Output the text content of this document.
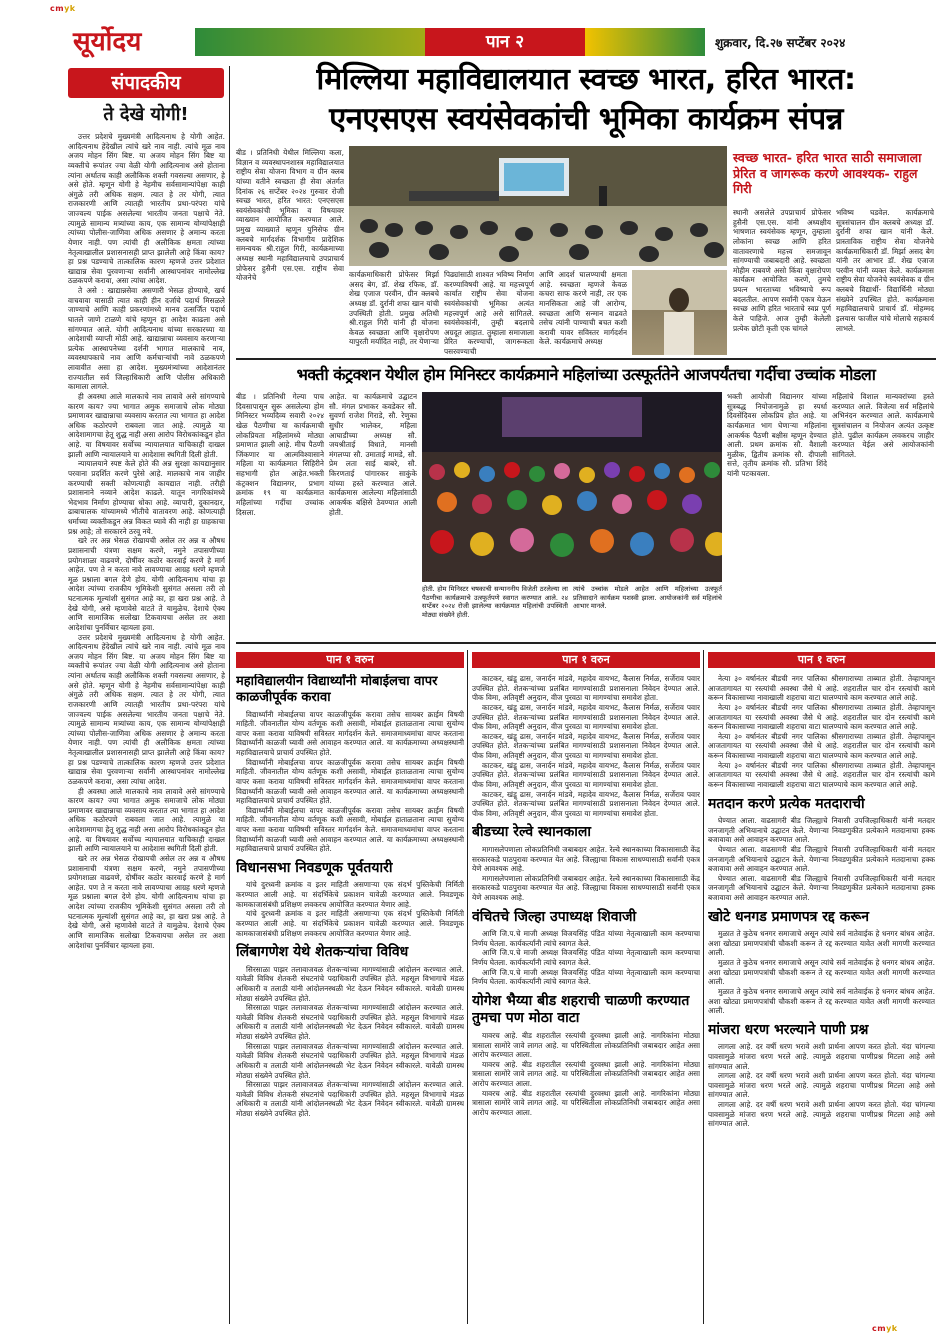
cmyk
सूर्योदय	पान २	शुक्रवार, दि.२७ सप्टेंबर २०२४
संपादकीय
ते देखे योगी!

उत्तर प्रदेशचे मुख्यमंत्री आदित्यनाथ हे योगी आहेत. आदित्यनाथ हेंदेखील त्यांचे खरे नाव नाही. त्यांचे मूळ नाव अजय मोहन सिंग बिष्ट. या अजय मोहन सिंग बिष्ट या व्यक्तीचे रूपांतर ज्या वेळी योगी आदित्यनाथ असे होताना त्यांना अर्थातच काही अलौकिक शक्ती गवसल्या असणार, हे असे होते. म्हणून योगी हे नेहमीच सर्वसामान्यांपेक्षा काही अंगुळे तरी अधिक सक्षम. त्यात हे तर योगी, त्यात राजकारणी आणि त्यातही भारतीय प्रथा-परंपरा यांचे जाज्वल्य पाईक असलेल्या भारतीय जनता पक्षाचे नेते. त्यामुळे सामान्य मत्र्यांच्या काय, एक सामान्य योग्यांपेक्षाही त्यांच्या पोलीस-जाणिवा अधिक असणार हे अमान्य करता येणार नाही. पण त्यांची ही अलौकिक क्षमता त्यांच्या नेतृत्वाखालील प्रशासनासही प्राप्त झालेली आहे किंवा काय? हा प्रश्न पडण्याचे तात्कालिक कारण म्हणजे उत्तर प्रदेशात खाद्यान्न सेवा पुरवणाऱ्या सर्वांनी आस्थापनांवर नामोल्लेख ठळकपणे करावा, असा त्यांचा आदेश.

ते असे : खाद्यान्नसेवा असणारी भेसळ होण्याचे, खर्च वाचवावा यासाठी त्यात काही हीन दर्जाचे पदार्थ मिसळले जाण्याचे आणि काही प्रकरणांमध्ये मानव उत्सर्जित पदार्थ घातले जाणे टाळणे यांचे म्हणून हा आदेश काढला असे सांगण्यात आले. योगी आदित्यनाथ यांच्या सरकारच्या या आदेशाची व्याप्ती मोठी आहे. खाद्यान्नाचा व्यवसाय करणाऱ्या प्रत्येक आस्थापनेच्या दर्शनी भागात मालकाचे नाव, व्यवस्थापकाचे नाव आणि कर्मचाऱ्यांची नावे ठळकपणे लावावीत असा हा आदेश. मुख्यमंत्र्यांच्या आदेशानंतर राज्यातील सर्व जिल्हाधिकारी आणि पोलीस अधिकारी कामाला लागले.

ही अवस्था आले मालकाचे नाव लावावे असे सांगण्याचे कारण काय? ज्या भागात अमुक समाजाचे लोक मोठ्या प्रमाणावर खाद्यान्नाचा व्यवसाय करतात त्या भागात हा आदेश अधिक कठोरपणे राबवला जात आहे. त्यामुळे या आदेशामागचा हेतू शुद्ध नाही असा आरोप विरोधकांकडून होत आहे. या विषयावर सर्वोच्च न्यायालयात याचिकाही दाखल झाली आणि न्यायालयाने या आदेशास स्थगिती दिली होती.

न्यायालयाने स्पष्ट केले होते की अन्न सुरक्षा कायद्यानुसार परवाना प्रदर्शित करणे पुरेसे आहे. मालकाचे नाव जाहीर करण्याची सक्ती कोणत्याही कायद्यात नाही. तरीही प्रशासनाने नव्याने आदेश काढले. यातून नागरिकांमध्ये भेदभाव निर्माण होण्याचा धोका आहे. व्यापारी, दुकानदार, ढाबाचालक यांच्यामध्ये भीतीचे वातावरण आहे. कोणत्याही धर्माच्या व्यक्तीकडून अन्न विकत घ्यावे की नाही हा ग्राहकाचा प्रश्न आहे; तो सरकारने ठरवू नये.

खरे तर अन्न भेसळ रोखायची असेल तर अन्न व औषध प्रशासनाची यंत्रणा सक्षम करणे, नमुने तपासणीच्या प्रयोगशाळा वाढवणे, दोषींवर कठोर कारवाई करणे हे मार्ग आहेत. पण ते न करता नावे लावण्याचा आग्रह धरणे म्हणजे मूळ प्रश्नाला बगल देणे होय. योगी आदित्यनाथ यांचा हा आदेश त्यांच्या राजकीय भूमिकेशी सुसंगत असला तरी तो घटनात्मक मूल्यांशी सुसंगत आहे का, हा खरा प्रश्न आहे. ते देखे योगी, असे म्हणावेसे वाटते ते यामुळेच. देशाचे ऐक्य आणि सामाजिक सलोखा टिकवायचा असेल तर अशा आदेशांचा पुनर्विचार व्हायला हवा.

उत्तर प्रदेशचे मुख्यमंत्री आदित्यनाथ हे योगी आहेत. आदित्यनाथ हेंदेखील त्यांचे खरे नाव नाही. त्यांचे मूळ नाव अजय मोहन सिंग बिष्ट. या अजय मोहन सिंग बिष्ट या व्यक्तीचे रूपांतर ज्या वेळी योगी आदित्यनाथ असे होताना त्यांना अर्थातच काही अलौकिक शक्ती गवसल्या असणार, हे असे होते. म्हणून योगी हे नेहमीच सर्वसामान्यांपेक्षा काही अंगुळे तरी अधिक सक्षम. त्यात हे तर योगी, त्यात राजकारणी आणि त्यातही भारतीय प्रथा-परंपरा यांचे जाज्वल्य पाईक असलेल्या भारतीय जनता पक्षाचे नेते. त्यामुळे सामान्य मत्र्यांच्या काय, एक सामान्य योग्यांपेक्षाही त्यांच्या पोलीस-जाणिवा अधिक असणार हे अमान्य करता येणार नाही. पण त्यांची ही अलौकिक क्षमता त्यांच्या नेतृत्वाखालील प्रशासनासही प्राप्त झालेली आहे किंवा काय? हा प्रश्न पडण्याचे तात्कालिक कारण म्हणजे उत्तर प्रदेशात खाद्यान्न सेवा पुरवणाऱ्या सर्वांनी आस्थापनांवर नामोल्लेख ठळकपणे करावा, असा त्यांचा आदेश.

ही अवस्था आले मालकाचे नाव लावावे असे सांगण्याचे कारण काय? ज्या भागात अमुक समाजाचे लोक मोठ्या प्रमाणावर खाद्यान्नाचा व्यवसाय करतात त्या भागात हा आदेश अधिक कठोरपणे राबवला जात आहे. त्यामुळे या आदेशामागचा हेतू शुद्ध नाही असा आरोप विरोधकांकडून होत आहे. या विषयावर सर्वोच्च न्यायालयात याचिकाही दाखल झाली आणि न्यायालयाने या आदेशास स्थगिती दिली होती.

खरे तर अन्न भेसळ रोखायची असेल तर अन्न व औषध प्रशासनाची यंत्रणा सक्षम करणे, नमुने तपासणीच्या प्रयोगशाळा वाढवणे, दोषींवर कठोर कारवाई करणे हे मार्ग आहेत. पण ते न करता नावे लावण्याचा आग्रह धरणे म्हणजे मूळ प्रश्नाला बगल देणे होय. योगी आदित्यनाथ यांचा हा आदेश त्यांच्या राजकीय भूमिकेशी सुसंगत असला तरी तो घटनात्मक मूल्यांशी सुसंगत आहे का, हा खरा प्रश्न आहे. ते देखे योगी, असे म्हणावेसे वाटते ते यामुळेच. देशाचे ऐक्य आणि सामाजिक सलोखा टिकवायचा असेल तर अशा आदेशांचा पुनर्विचार व्हायला हवा.

मिल्लिया महाविद्यालयात स्वच्छ भारत, हरित भारत:
एनएसएस स्वयंसेवकांची भूमिका कार्यक्रम संपन्न
बीड । प्रतिनिधी येथील मिल्लिया कला, विज्ञान व व्यवस्थापनशास्त्र महाविद्यालयात राष्ट्रीय सेवा योजना विभाग व ग्रीन क्लब यांच्या वतीने स्वच्छता ही सेवा अंतर्गत दिनांक २६ सप्टेंबर २०२४ गुरुवार रोजी स्वच्छ भारत, हरित भारत: एनएसएस स्वयंसेवकांची भूमिका व विषयावर व्याख्यान आयोजित करण्यात आले. प्रमुख व्याख्याते म्हणून युनिसेफ ग्रीन क्लबचे मार्गदर्शक विभागीय प्रादेशिक समन्वयक श्री.राहुल गिरी, कार्यक्रमाच्या अध्यक्ष स्थानी महाविद्यालयाचे उपप्राचार्य प्रोफेसर हुसैनी एस.एस. राष्ट्रीय सेवा योजनेचे	कार्यक्रमाधिकारी प्रोफेसर मिर्झा असद बेग, डॉ. शेख रफिक, डॉ. शेख एजाज परवीन, ग्रीन क्लबचे अध्यक्ष डॉ. दुर्रानी शफा खान यांची उपस्थिती होती. प्रमुख अतिथी श्री.राहुल गिरी यांनी ही योजना केवळ स्वच्छता आणि वृक्षारोपण यापुरती मर्यादित नाही, तर येणाऱ्या
पिढ्यांसाठी शाश्वत भविष्य निर्माण करण्याविषयी आहे. या महत्त्वपूर्ण कार्यात राष्ट्रीय सेवा योजना स्वयंसेवकांची भूमिका अत्यंत महत्त्वपूर्ण आहे असे सांगितले. स्वयंसेवकांनी, तुम्ही बदलाचे अग्रदूत आहात. तुम्हाला समाजाला प्रेरित करण्याची, जागरूकता पसरवण्याची
आणि आदर्श घालण्याची क्षमता आहे. स्वच्छता म्हणजे केवळ कचरा साफ करणे नाही, तर एक मानसिकता आहे जी आरोग्य, स्वच्छता आणि सन्मान वाढवते तसेच त्यांनी पाण्याची बचत कशी करावी यावर सविस्तर मार्गदर्शन केले. कार्यक्रमाचे अध्यक्ष
स्वच्छ भारत- हरित भारत साठी समाजाला प्रेरित व जागरूक करणे आवश्यक- राहुल गिरी
स्थानी असलेले उपप्राचार्य प्रोफेसर हुसैनी एस.एस. यांनी अध्यक्षीय भाषणात स्वयंसेवक म्हणून, तुम्हाला लोकांना स्वच्छ आणि हरित वातावरणाचे महत्त्व समजावून सांगण्याची जबाबदारी आहे. स्वच्छता मोहीम राबवणे असो किंवा वृक्षारोपण कार्यक्रम आयोजित करणे, तुमचे प्रयत्न भारताच्या भविष्याचे रूप बदलतील. आपण सर्वांनी एकत्र येऊन स्वच्छ आणि हरित भारताचे स्वप्न पूर्ण केले पाहिजे. आज तुम्ही केलेली प्रत्येक छोटी कृती एक चांगले
भविष्य घडवेल. कार्यक्रमाचे सूत्रसंचालन ग्रीन क्लबचे अध्यक्ष डॉ. दुर्रानी शफा खान यांनी केले. प्रास्ताविक राष्ट्रीय सेवा योजनेचे कार्यक्रमाधिकारी डॉ. मिर्झा असद बेग यांनी तर आभार डॉ. शेख एजाज परवीन यांनी व्यक्त केले. कार्यक्रमास राष्ट्रीय सेवा योजनेचे स्वयंसेवक व ग्रीन क्लबचे विद्यार्थी- विद्यार्थिनी मोठ्या संख्येने उपस्थित होते. कार्यक्रमास महाविद्यालयाचे प्राचार्य डॉ. मोहम्मद इलयास फाजील यांचे मोलाचे सहकार्य लाभले.
भक्ती कंट्रक्शन येथील होम मिनिस्टर कार्यक्रमाने महिलांच्या उत्स्फूर्ततेने आजपर्यंतचा गर्दीचा उच्चांक मोडला
बीड । प्रतिनिधी गेल्या पाच दिवसापासून सुरू असलेल्या होम मिनिस्टर भव्यदिव्य सवारी २०२४ खेळ पैठणीचा या कार्यक्रमाची लोकप्रियता महिलांमध्ये मोठ्या प्रमाणात झाली आहे. मीच पैठणी जिंकणार या आत्मविश्वासाने महिला या कार्यक्रमात सिहिरीने सहभागी होत आहेत.भक्ती कंट्रक्शन विद्यानगर, प्रभाग क्रमांक १९ या कार्यक्रमात महिलांच्या गर्दीचा उच्चांक दिसला.
आहेत. या कार्यक्रमाचे उद्घाटन सौ. मंगल प्रभाकर कवडेकर सौ. सुवर्णा राजेश गिराडे, सौ. रेणुका सुधीर भालेकर, महिला आघाडीच्या अध्यक्ष सौ. जयश्रीताई विधाते, मानसी मंगलप्पा सौ. उमाताई मामडे, सौ. प्रेम लता साई बाबरे, सौ. किरणताई पांगारकर साकुंके यांच्या हस्ते करण्यात आले. कार्यक्रमास आलेल्या महिलांसाठी आकर्षक बक्षिसे ठेवण्यात आली होती.
होती. होम मिनिस्टर चषकाची सन्माननीय विजेती ठरलेल्या ला पैठणीचा कार्यक्रमाचे उत्स्फूर्तपणे स्वागत करण्यात आले. २४ सप्टेंबर २०२४ रोजी झालेल्या कार्यक्रमात महिलांची उपस्थिती मोठ्या संख्येने होती.
त्यांचे उच्चांक मोडले आहेत आणि महिलांच्या उत्स्फूर्त प्रतिसादाने कार्यक्रम यशस्वी झाला. आयोजकांनी सर्व महिलांचे आभार मानले.
भक्ती आयोजी विद्यानगर यांच्या सूत्रबद्ध नियोजनामुळे हा स्पर्धा दिवसेंदिवस लोकप्रिय होत आहे. या कार्यक्रमात भाग घेणाऱ्या महिलांना आकर्षक पैठणी बक्षीस म्हणून देण्यात आली. प्रथम क्रमांक सौ. वैशाली मुळीक, द्वितीय क्रमांक सौ. दीपाली सत्ते, तृतीय क्रमांक सौ. प्रतिभा शिंदे यांनी पटकावला.
महिलांचे विशाल मान्यवरांच्या हस्ते करण्यात आले. विजेत्या सर्व महिलांचे अभिनंदन करण्यात आले. कार्यक्रमाचे सूत्रसंचालन व नियोजन अत्यंत उत्कृष्ट होते. पुढील कार्यक्रम लवकरच जाहीर करण्यात येईल असे आयोजकांनी सांगितले.
पान १ वरुन	पान १ वरुन	पान १ वरुन
महाविद्यालयीन विद्यार्थ्यांनी मोबाईलचा वापर काळजीपूर्वक करावा

विद्यार्थ्यांनी मोबाईलचा वापर काळजीपूर्वक करावा तसेच सायबर क्राईम विषयी माहिती. जीवनातील योग्य वर्तणूक कशी असावी, मोबाईल हाताळताना त्याचा सुयोग्य वापर कसा करावा याविषयी सविस्तर मार्गदर्शन केले. समाजमाध्यमांचा वापर करताना विद्यार्थ्यांनी काळजी घ्यावी असे आवाहन करण्यात आले. या कार्यक्रमाच्या अध्यक्षस्थानी महाविद्यालयाचे प्राचार्य उपस्थित होते.

विद्यार्थ्यांनी मोबाईलचा वापर काळजीपूर्वक करावा तसेच सायबर क्राईम विषयी माहिती. जीवनातील योग्य वर्तणूक कशी असावी, मोबाईल हाताळताना त्याचा सुयोग्य वापर कसा करावा याविषयी सविस्तर मार्गदर्शन केले. समाजमाध्यमांचा वापर करताना विद्यार्थ्यांनी काळजी घ्यावी असे आवाहन करण्यात आले. या कार्यक्रमाच्या अध्यक्षस्थानी महाविद्यालयाचे प्राचार्य उपस्थित होते.

विद्यार्थ्यांनी मोबाईलचा वापर काळजीपूर्वक करावा तसेच सायबर क्राईम विषयी माहिती. जीवनातील योग्य वर्तणूक कशी असावी, मोबाईल हाताळताना त्याचा सुयोग्य वापर कसा करावा याविषयी सविस्तर मार्गदर्शन केले. समाजमाध्यमांचा वापर करताना विद्यार्थ्यांनी काळजी घ्यावी असे आवाहन करण्यात आले. या कार्यक्रमाच्या अध्यक्षस्थानी महाविद्यालयाचे प्राचार्य उपस्थित होते.

विधानसभा निवडणूक पूर्वतयारी

यांचे दुरध्वनी क्रमांक व इतर माहिती असणार्‍या एक संदर्भ पुस्तिकेची निर्मिती करण्यात आली आहे. या संदर्भिकेचे प्रकाशन यावेळी करण्यात आले. निवडणूक कामकाजासंबंधी प्रशिक्षण लवकरच आयोजित करण्यात येणार आहे.

यांचे दुरध्वनी क्रमांक व इतर माहिती असणार्‍या एक संदर्भ पुस्तिकेची निर्मिती करण्यात आली आहे. या संदर्भिकेचे प्रकाशन यावेळी करण्यात आले. निवडणूक कामकाजासंबंधी प्रशिक्षण लवकरच आयोजित करण्यात येणार आहे.

लिंबागणेश येथे शेतकऱ्यांचा विविध

सिरसाळा पाझर तलावाजवळ शेतकऱ्यांच्या मागण्यांसाठी आंदोलन करण्यात आले. यावेळी विविध शेतकरी संघटनांचे पदाधिकारी उपस्थित होते. महसूल विभागाचे मंडळ अधिकारी व तलाठी यांनी आंदोलनस्थळी भेट देऊन निवेदन स्वीकारले. यावेळी ग्रामस्थ मोठ्या संख्येने उपस्थित होते.

सिरसाळा पाझर तलावाजवळ शेतकऱ्यांच्या मागण्यांसाठी आंदोलन करण्यात आले. यावेळी विविध शेतकरी संघटनांचे पदाधिकारी उपस्थित होते. महसूल विभागाचे मंडळ अधिकारी व तलाठी यांनी आंदोलनस्थळी भेट देऊन निवेदन स्वीकारले. यावेळी ग्रामस्थ मोठ्या संख्येने उपस्थित होते.

सिरसाळा पाझर तलावाजवळ शेतकऱ्यांच्या मागण्यांसाठी आंदोलन करण्यात आले. यावेळी विविध शेतकरी संघटनांचे पदाधिकारी उपस्थित होते. महसूल विभागाचे मंडळ अधिकारी व तलाठी यांनी आंदोलनस्थळी भेट देऊन निवेदन स्वीकारले. यावेळी ग्रामस्थ मोठ्या संख्येने उपस्थित होते.

सिरसाळा पाझर तलावाजवळ शेतकऱ्यांच्या मागण्यांसाठी आंदोलन करण्यात आले. यावेळी विविध शेतकरी संघटनांचे पदाधिकारी उपस्थित होते. महसूल विभागाचे मंडळ अधिकारी व तलाठी यांनी आंदोलनस्थळी भेट देऊन निवेदन स्वीकारले. यावेळी ग्रामस्थ मोठ्या संख्येने उपस्थित होते.

काटकर, खंडू ढास, जनार्दन मांडवे, महादेव वायभट, कैलास निर्मळ, सर्जेराव पवार उपस्थित होते. शेतकऱ्यांच्या प्रलंबित मागण्यांसाठी प्रशासनाला निवेदन देण्यात आले. पीक विमा, अतिवृष्टी अनुदान, वीज पुरवठा या मागण्यांचा समावेश होता.

काटकर, खंडू ढास, जनार्दन मांडवे, महादेव वायभट, कैलास निर्मळ, सर्जेराव पवार उपस्थित होते. शेतकऱ्यांच्या प्रलंबित मागण्यांसाठी प्रशासनाला निवेदन देण्यात आले. पीक विमा, अतिवृष्टी अनुदान, वीज पुरवठा या मागण्यांचा समावेश होता.

काटकर, खंडू ढास, जनार्दन मांडवे, महादेव वायभट, कैलास निर्मळ, सर्जेराव पवार उपस्थित होते. शेतकऱ्यांच्या प्रलंबित मागण्यांसाठी प्रशासनाला निवेदन देण्यात आले. पीक विमा, अतिवृष्टी अनुदान, वीज पुरवठा या मागण्यांचा समावेश होता.

काटकर, खंडू ढास, जनार्दन मांडवे, महादेव वायभट, कैलास निर्मळ, सर्जेराव पवार उपस्थित होते. शेतकऱ्यांच्या प्रलंबित मागण्यांसाठी प्रशासनाला निवेदन देण्यात आले. पीक विमा, अतिवृष्टी अनुदान, वीज पुरवठा या मागण्यांचा समावेश होता.

काटकर, खंडू ढास, जनार्दन मांडवे, महादेव वायभट, कैलास निर्मळ, सर्जेराव पवार उपस्थित होते. शेतकऱ्यांच्या प्रलंबित मागण्यांसाठी प्रशासनाला निवेदन देण्यात आले. पीक विमा, अतिवृष्टी अनुदान, वीज पुरवठा या मागण्यांचा समावेश होता.

बीडच्या रेल्वे स्थानकाला

मागासलेपणाला लोकप्रतिनिधी जबाबदार आहेत. रेल्वे स्थानकाच्या विकासासाठी केंद्र सरकारकडे पाठपुरावा करण्यात येत आहे. जिल्ह्याचा विकास साधण्यासाठी सर्वांनी एकत्र येणे आवश्यक आहे.

मागासलेपणाला लोकप्रतिनिधी जबाबदार आहेत. रेल्वे स्थानकाच्या विकासासाठी केंद्र सरकारकडे पाठपुरावा करण्यात येत आहे. जिल्ह्याचा विकास साधण्यासाठी सर्वांनी एकत्र येणे आवश्यक आहे.

वंचितचे जिल्हा उपाध्यक्ष शिवाजी

आणि जि.प.चे माजी अध्यक्ष विजयसिंह पंडित यांच्या नेतृत्वाखाली काम करण्याचा निर्णय घेतला. कार्यकर्त्यांनी त्यांचे स्वागत केले.

आणि जि.प.चे माजी अध्यक्ष विजयसिंह पंडित यांच्या नेतृत्वाखाली काम करण्याचा निर्णय घेतला. कार्यकर्त्यांनी त्यांचे स्वागत केले.

आणि जि.प.चे माजी अध्यक्ष विजयसिंह पंडित यांच्या नेतृत्वाखाली काम करण्याचा निर्णय घेतला. कार्यकर्त्यांनी त्यांचे स्वागत केले.

योगेश भैय्या बीड शहराची चाळणी करण्यात तुमचा पण मोठा वाटा

यावरच आहे. बीड शहरातील रस्त्यांची दुरवस्था झाली आहे. नागरिकांना मोठ्या त्रासाला सामोरे जावे लागत आहे. या परिस्थितीला लोकप्रतिनिधी जबाबदार आहेत असा आरोप करण्यात आला.

यावरच आहे. बीड शहरातील रस्त्यांची दुरवस्था झाली आहे. नागरिकांना मोठ्या त्रासाला सामोरे जावे लागत आहे. या परिस्थितीला लोकप्रतिनिधी जबाबदार आहेत असा आरोप करण्यात आला.

यावरच आहे. बीड शहरातील रस्त्यांची दुरवस्था झाली आहे. नागरिकांना मोठ्या त्रासाला सामोरे जावे लागत आहे. या परिस्थितीला लोकप्रतिनिधी जबाबदार आहेत असा आरोप करण्यात आला.

नेत्या ३० वर्षानंतर बीडची नगर पालिका श्रीसगाराच्या ताब्यात होती. तेव्हापासून आजतागायत या रस्त्यांची अवस्था जैसे थे आहे. शहरातील चार दोन रस्त्यांची कामे करून विकासाच्या नावाखाली शहराचा वाटा घालण्याचे काम करण्यात आले आहे.

नेत्या ३० वर्षानंतर बीडची नगर पालिका श्रीसगाराच्या ताब्यात होती. तेव्हापासून आजतागायत या रस्त्यांची अवस्था जैसे थे आहे. शहरातील चार दोन रस्त्यांची कामे करून विकासाच्या नावाखाली शहराचा वाटा घालण्याचे काम करण्यात आले आहे.

नेत्या ३० वर्षानंतर बीडची नगर पालिका श्रीसगाराच्या ताब्यात होती. तेव्हापासून आजतागायत या रस्त्यांची अवस्था जैसे थे आहे. शहरातील चार दोन रस्त्यांची कामे करून विकासाच्या नावाखाली शहराचा वाटा घालण्याचे काम करण्यात आले आहे.

नेत्या ३० वर्षानंतर बीडची नगर पालिका श्रीसगाराच्या ताब्यात होती. तेव्हापासून आजतागायत या रस्त्यांची अवस्था जैसे थे आहे. शहरातील चार दोन रस्त्यांची कामे करून विकासाच्या नावाखाली शहराचा वाटा घालण्याचे काम करण्यात आले आहे.

मतदान करणे प्रत्येक मतदाराची

घेण्यात आला. वाढसागरी बीड जिल्ह्याचे निवासी उपजिल्हाधिकारी यांनी मतदार जनजागृती अभियानाचे उद्घाटन केले. येणाऱ्या निवडणुकीत प्रत्येकाने मतदानाचा हक्क बजावावा असे आवाहन करण्यात आले.

घेण्यात आला. वाढसागरी बीड जिल्ह्याचे निवासी उपजिल्हाधिकारी यांनी मतदार जनजागृती अभियानाचे उद्घाटन केले. येणाऱ्या निवडणुकीत प्रत्येकाने मतदानाचा हक्क बजावावा असे आवाहन करण्यात आले.

घेण्यात आला. वाढसागरी बीड जिल्ह्याचे निवासी उपजिल्हाधिकारी यांनी मतदार जनजागृती अभियानाचे उद्घाटन केले. येणाऱ्या निवडणुकीत प्रत्येकाने मतदानाचा हक्क बजावावा असे आवाहन करण्यात आले.

खोटे धनगड प्रमाणपत्र रद्द करून

मुळात ते कुठेच धनगर समाजाचे असून त्यांचे सर्व नातेवाईक हे धनगर बांधव आहेत. अशा खोट्या प्रमाणपत्रांची चौकशी करून ते रद्द करण्यात यावेत अशी मागणी करण्यात आली.

मुळात ते कुठेच धनगर समाजाचे असून त्यांचे सर्व नातेवाईक हे धनगर बांधव आहेत. अशा खोट्या प्रमाणपत्रांची चौकशी करून ते रद्द करण्यात यावेत अशी मागणी करण्यात आली.

मुळात ते कुठेच धनगर समाजाचे असून त्यांचे सर्व नातेवाईक हे धनगर बांधव आहेत. अशा खोट्या प्रमाणपत्रांची चौकशी करून ते रद्द करण्यात यावेत अशी मागणी करण्यात आली.

मांजरा धरण भरल्याने पाणी प्रश्न

लागला आहे. दर वर्षी धरण भरावे अशी प्रार्थना आपण करत होतो. यंदा चांगल्या पावसामुळे मांजरा धरण भरले आहे. त्यामुळे शहराचा पाणीप्रश्न मिटला आहे असे सांगण्यात आले.

लागला आहे. दर वर्षी धरण भरावे अशी प्रार्थना आपण करत होतो. यंदा चांगल्या पावसामुळे मांजरा धरण भरले आहे. त्यामुळे शहराचा पाणीप्रश्न मिटला आहे असे सांगण्यात आले.

लागला आहे. दर वर्षी धरण भरावे अशी प्रार्थना आपण करत होतो. यंदा चांगल्या पावसामुळे मांजरा धरण भरले आहे. त्यामुळे शहराचा पाणीप्रश्न मिटला आहे असे सांगण्यात आले.

cmyk
